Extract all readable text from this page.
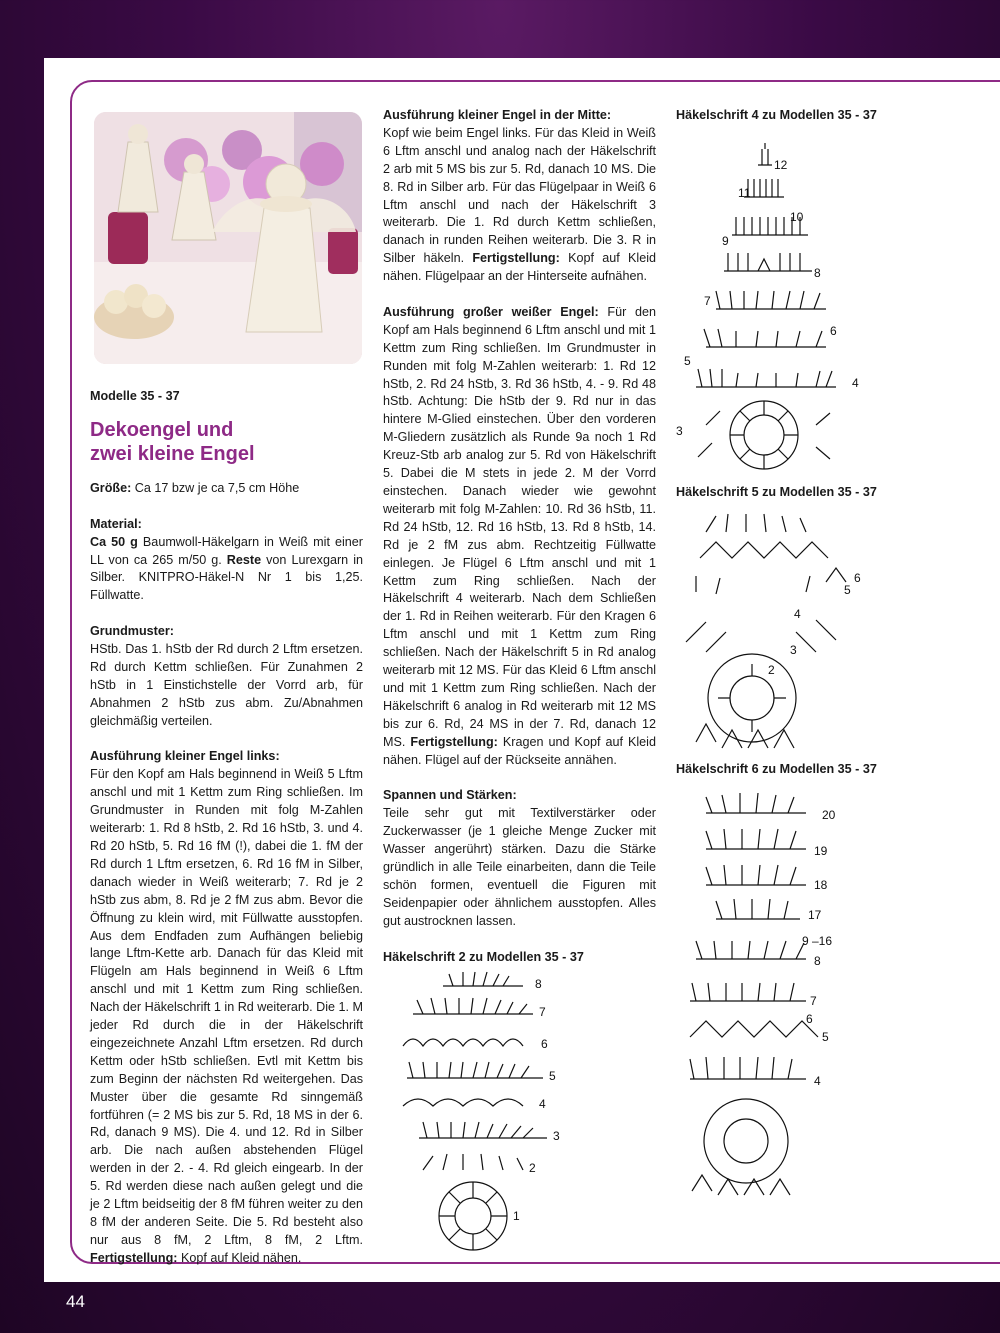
Modelle 35 - 37
Dekoengel und
zwei kleine Engel

Größe: Ca 17 bzw je ca 7,5 cm Höhe

Material:
Ca 50 g Baumwoll-Häkelgarn in Weiß mit einer LL von ca 265 m/50 g. Reste von Lurexgarn in Silber. KNITPRO-Häkel-N Nr 1 bis 1,25. Füllwatte.

Grundmuster:
HStb. Das 1. hStb der Rd durch 2 Lftm ersetzen. Rd durch Kettm schließen. Für Zunahmen 2 hStb in 1 Einstichstelle der Vorrd arb, für Abnahmen 2 hStb zus abm. Zu/Abnahmen gleichmäßig verteilen.

Ausführung kleiner Engel links:
Für den Kopf am Hals beginnend in Weiß 5 Lftm anschl und mit 1 Kettm zum Ring schließen. Im Grundmuster in Runden mit folg M-Zahlen weiterarb: 1. Rd 8 hStb, 2. Rd 16 hStb, 3. und 4. Rd 20 hStb, 5. Rd 16 fM (!), dabei die 1. fM der Rd durch 1 Lftm ersetzen, 6. Rd 16 fM in Silber, danach wieder in Weiß weiterarb; 7. Rd je 2 hStb zus abm, 8. Rd je 2 fM zus abm. Bevor die Öffnung zu klein wird, mit Füllwatte ausstopfen. Aus dem Endfaden zum Aufhängen beliebig lange Lftm-Kette arb. Danach für das Kleid mit Flügeln am Hals beginnend in Weiß 6 Lftm anschl und mit 1 Kettm zum Ring schließen. Nach der Häkelschrift 1 in Rd weiterarb. Die 1. M jeder Rd durch die in der Häkelschrift eingezeichnete Anzahl Lftm ersetzen. Rd durch Kettm oder hStb schließen. Evtl mit Kettm bis zum Beginn der nächsten Rd weitergehen. Das Muster über die gesamte Rd sinngemäß fortführen (= 2 MS bis zur 5. Rd, 18 MS in der 6. Rd, danach 9 MS). Die 4. und 12. Rd in Silber arb. Die nach außen abstehenden Flügel werden in der 2. - 4. Rd gleich eingearb. In der 5. Rd werden diese nach außen gelegt und die je 2 Lftm beidseitig der 8 fM führen weiter zu den 8 fM der anderen Seite. Die 5. Rd besteht also nur aus 8 fM, 2 Lftm, 8 fM, 2 Lftm. Fertigstellung: Kopf auf Kleid nähen.

Ausführung kleiner Engel in der Mitte:
Kopf wie beim Engel links. Für das Kleid in Weiß 6 Lftm anschl und analog nach der Häkelschrift 2 arb mit 5 MS bis zur 5. Rd, danach 10 MS. Die 8. Rd in Silber arb. Für das Flügelpaar in Weiß 6 Lftm anschl und nach der Häkelschrift 3 weiterarb. Die 1. Rd durch Kettm schließen, danach in runden Reihen weiterarb. Die 3. R in Silber häkeln. Fertigstellung: Kopf auf Kleid nähen. Flügelpaar an der Hinterseite aufnähen.

Ausführung großer weißer Engel: Für den Kopf am Hals beginnend 6 Lftm anschl und mit 1 Kettm zum Ring schließen. Im Grundmuster in Runden mit folg M-Zahlen weiterarb: 1. Rd 12 hStb, 2. Rd 24 hStb, 3. Rd 36 hStb, 4. - 9. Rd 48 hStb. Achtung: Die hStb der 9. Rd nur in das hintere M-Glied einstechen. Über den vorderen M-Gliedern zusätzlich als Runde 9a noch 1 Rd Kreuz-Stb arb analog zur 5. Rd von Häkelschrift 5. Dabei die M stets in jede 2. M der Vorrd einstechen. Danach wieder wie gewohnt weiterarb mit folg M-Zahlen: 10. Rd 36 hStb, 11. Rd 24 hStb, 12. Rd 16 hStb, 13. Rd 8 hStb, 14. Rd je 2 fM zus abm. Rechtzeitig Füllwatte einlegen. Je Flügel 6 Lftm anschl und mit 1 Kettm zum Ring schließen. Nach der Häkelschrift 4 weiterarb. Nach dem Schließen der 1. Rd in Reihen weiterarb. Für den Kragen 6 Lftm anschl und mit 1 Kettm zum Ring schließen. Nach der Häkelschrift 5 in Rd analog weiterarb mit 12 MS. Für das Kleid 6 Lftm anschl und mit 1 Kettm zum Ring schließen. Nach der Häkelschrift 6 analog in Rd weiterarb mit 12 MS bis zur 6. Rd, 24 MS in der 7. Rd, danach 12 MS. Fertigstellung: Kragen und Kopf auf Kleid nähen. Flügel auf der Rückseite annähen.

Spannen und Stärken:
Teile sehr gut mit Textilverstärker oder Zuckerwasser (je 1 gleiche Menge Zucker mit Wasser angerührt) stärken. Dazu die Stärke gründlich in alle Teile einarbeiten, dann die Teile schön formen, eventuell die Figuren mit Seidenpapier oder ähnlichem ausstopfen. Alles gut austrocknen lassen.

Häkelschrift 2 zu Modellen 35 - 37
8
7
6
5
4
3
2
1
Häkelschrift 4 zu Modellen 35 - 37
12
11
10
9
8
7
6
5
4
3
Häkelschrift 5 zu Modellen 35 - 37
6
5
4
3
2
Häkelschrift 6 zu Modellen 35 - 37
20
19
18
17
9 –16
8
7
6
5
4
44
